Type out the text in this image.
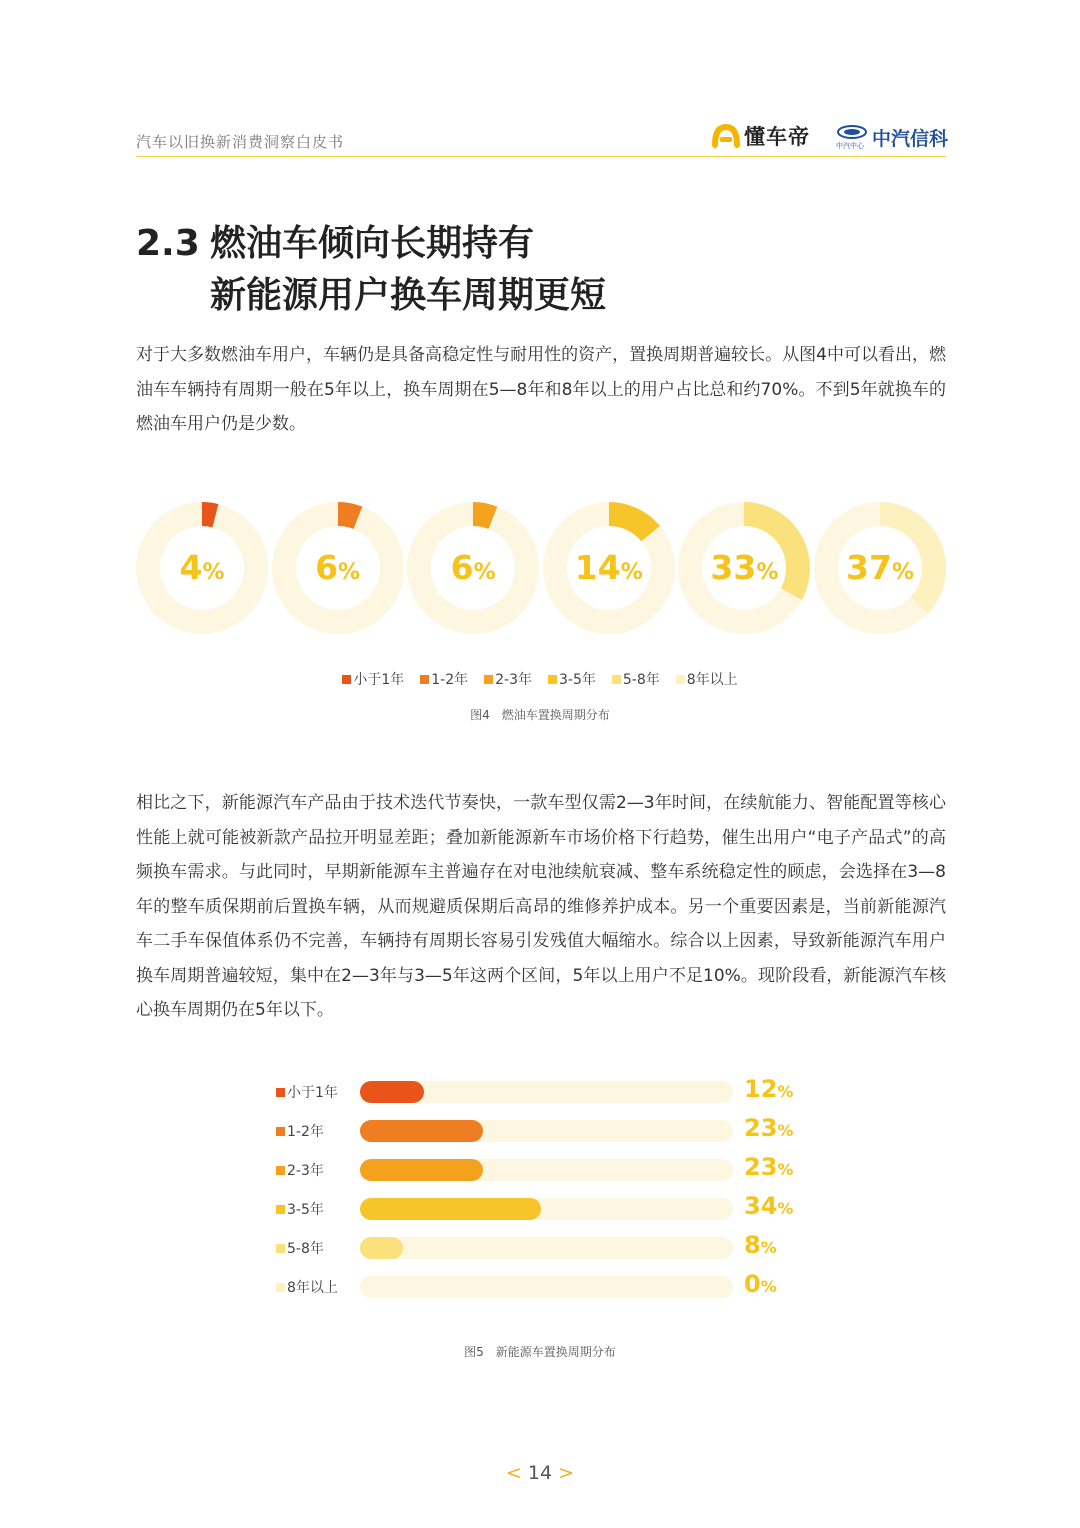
汽车以旧换新消费洞察白皮书	懂车帝	中汽中心 中汽信科
2.3 燃油车倾向长期持有
新能源用户换车周期更短
对于大多数燃油车用户，车辆仍是具备高稳定性与耐用性的资产，置换周期普遍较长。从图4中可以看出，燃油车车辆持有周期一般在5年以上，换车周期在5—8年和8年以上的用户占比总和约70%。不到5年就换车的燃油车用户仍是少数。
4%	6%	6%	14%	33%	37%
小于1年 1-2年 2-3年 3-5年 5-8年 8年以上
图4　燃油车置换周期分布
相比之下，新能源汽车产品由于技术迭代节奏快，一款车型仅需2—3年时间，在续航能力、智能配置等核心性能上就可能被新款产品拉开明显差距；叠加新能源新车市场价格下行趋势，催生出用户“电子产品式”的高频换车需求。与此同时，早期新能源车主普遍存在对电池续航衰减、整车系统稳定性的顾虑，会选择在3—8年的整车质保期前后置换车辆，从而规避质保期后高昂的维修养护成本。另一个重要因素是，当前新能源汽车二手车保值体系仍不完善，车辆持有周期长容易引发残值大幅缩水。综合以上因素，导致新能源汽车用户换车周期普遍较短，集中在2—3年与3—5年这两个区间，5年以上用户不足10%。现阶段看，新能源汽车核心换车周期仍在5年以下。
小于1年	12%
1-2年	23%
2-3年	23%
3-5年	34%
5-8年	8%
8年以上	0%
图5　新能源车置换周期分布
< 14 >
